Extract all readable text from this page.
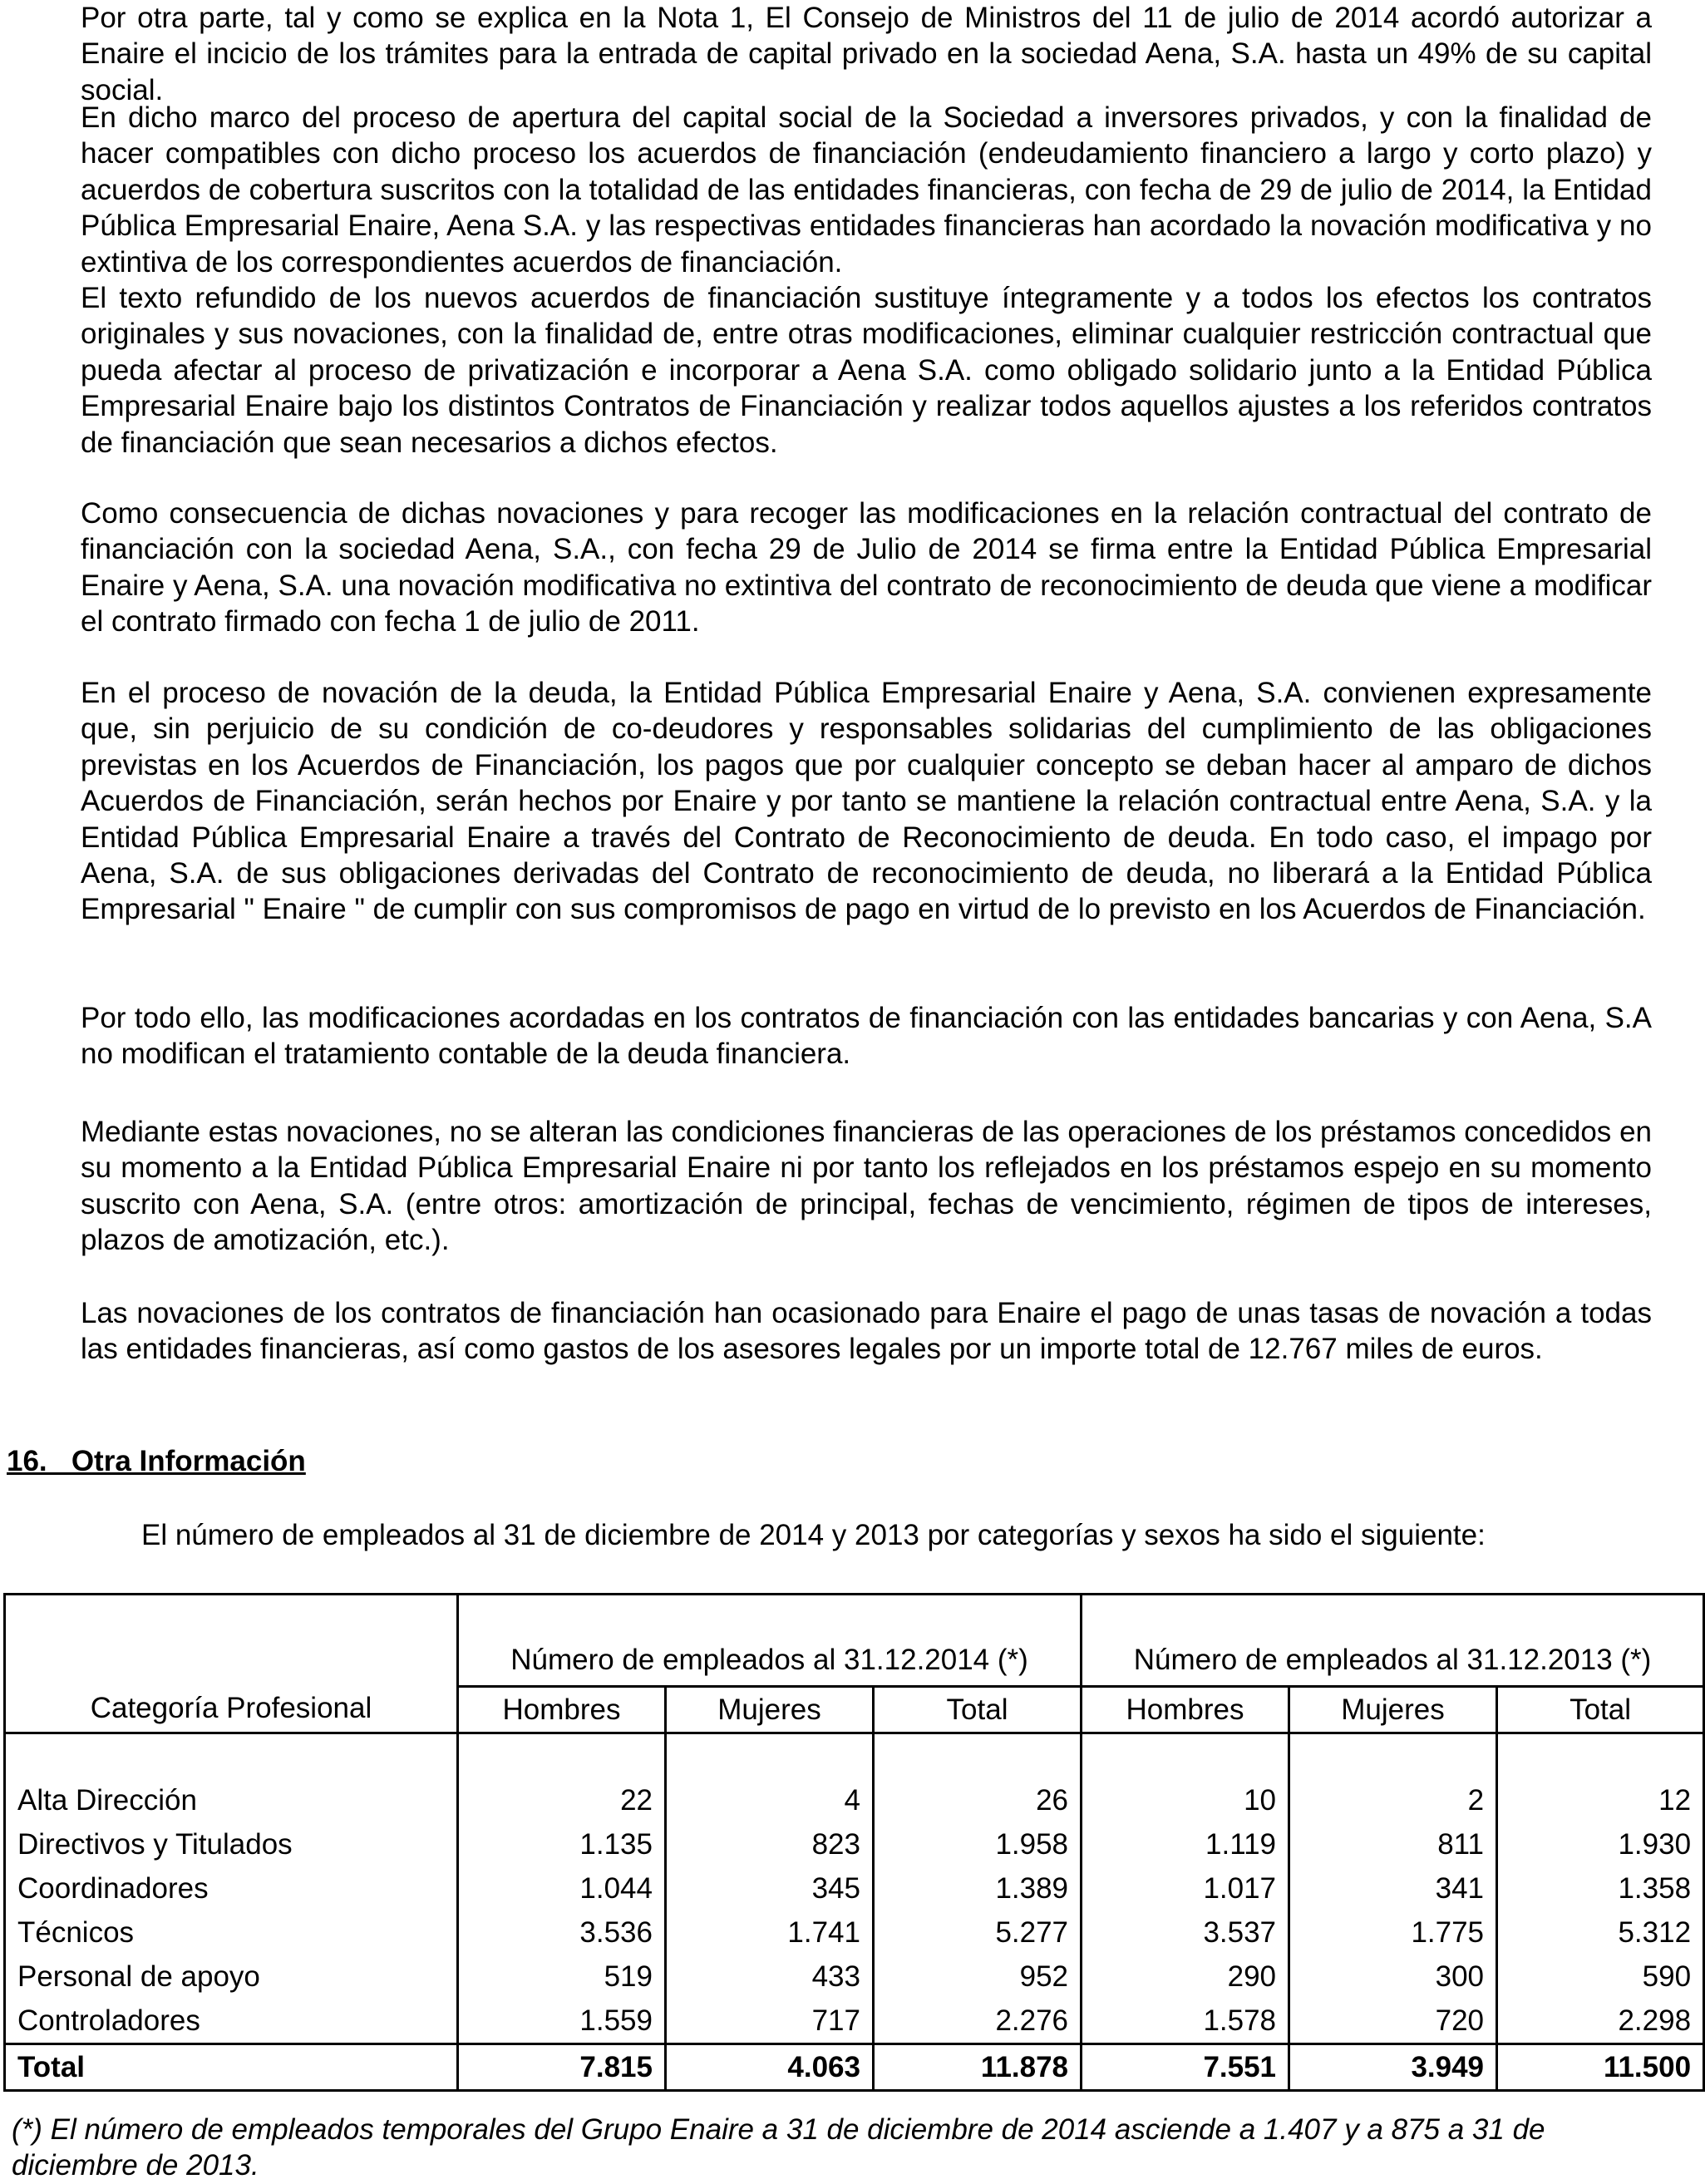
Por otra parte, tal y como se explica en la Nota 1, El Consejo de Ministros del 11 de julio de 2014 acordó autorizar a Enaire el incicio de los trámites para la entrada de capital privado en la sociedad Aena, S.A. hasta un 49% de su capital social.
En dicho marco del proceso de apertura del capital social de la Sociedad a inversores privados, y con la finalidad de hacer compatibles con dicho proceso los acuerdos de financiación (endeudamiento financiero a largo y corto plazo) y acuerdos de cobertura suscritos con la totalidad de las entidades financieras, con fecha de 29 de julio de 2014, la Entidad Pública Empresarial Enaire, Aena S.A. y las respectivas entidades financieras han acordado la novación modificativa y no extintiva de los correspondientes acuerdos de financiación.
El texto refundido de los nuevos acuerdos de financiación sustituye íntegramente y a todos los efectos los contratos originales y sus novaciones, con la finalidad de, entre otras modificaciones, eliminar cualquier restricción contractual que pueda afectar al proceso de privatización e incorporar a Aena S.A. como obligado solidario junto a la Entidad Pública Empresarial Enaire bajo los distintos Contratos de Financiación y realizar todos aquellos ajustes a los referidos contratos de financiación que sean necesarios a dichos efectos.
Como consecuencia de dichas novaciones y para recoger las modificaciones en la relación contractual del contrato de financiación con la sociedad Aena, S.A., con fecha 29 de Julio de 2014 se firma entre la Entidad Pública Empresarial Enaire y Aena, S.A. una novación modificativa no extintiva del contrato de reconocimiento de deuda que viene a modificar el contrato firmado con fecha 1 de julio de 2011.
En el proceso de novación de la deuda, la Entidad Pública Empresarial Enaire y Aena, S.A. convienen expresamente que, sin perjuicio de su condición de co-deudores y responsables solidarias del cumplimiento de las obligaciones previstas en los Acuerdos de Financiación, los pagos que por cualquier concepto se deban hacer al amparo de dichos Acuerdos de Financiación, serán hechos por Enaire y por tanto se mantiene la relación contractual entre Aena, S.A. y la Entidad Pública Empresarial Enaire a través del Contrato de Reconocimiento de deuda. En todo caso, el impago por Aena, S.A. de sus obligaciones derivadas del Contrato de reconocimiento de deuda, no liberará a la Entidad Pública Empresarial " Enaire " de cumplir con sus compromisos de pago en virtud de lo previsto en los Acuerdos de Financiación.
Por todo ello, las modificaciones acordadas en los contratos de financiación con las entidades bancarias y con Aena, S.A no modifican el tratamiento contable de la deuda financiera.
Mediante estas novaciones, no se alteran las condiciones financieras de las operaciones de los préstamos concedidos en su momento a la Entidad Pública Empresarial Enaire ni por tanto los reflejados en los préstamos espejo en su momento suscrito con Aena, S.A. (entre otros: amortización de principal, fechas de vencimiento, régimen de tipos de intereses, plazos de amotización, etc.).
Las novaciones de los contratos de financiación han ocasionado para Enaire el pago de unas tasas de novación a todas las entidades financieras, así como gastos de los asesores legales por un importe total de 12.767 miles de euros.
16.   Otra Información
El número de empleados al 31 de diciembre de 2014 y 2013 por categorías y sexos ha sido el siguiente:
Categoría Profesional	Número de empleados al 31.12.2014 (*)			Número de empleados al 31.12.2013 (*)		
	Hombres	Mujeres	Total	Hombres	Mujeres	Total

Alta Dirección	22	4	26	10	2	12
Directivos y Titulados	1.135	823	1.958	1.119	811	1.930
Coordinadores	1.044	345	1.389	1.017	341	1.358
Técnicos	3.536	1.741	5.277	3.537	1.775	5.312
Personal de apoyo	519	433	952	290	300	590
Controladores	1.559	717	2.276	1.578	720	2.298
Total	7.815	4.063	11.878	7.551	3.949	11.500
(*) El número de empleados temporales del Grupo Enaire a 31 de diciembre de 2014 asciende a 1.407 y a 875 a 31 de diciembre de 2013.
